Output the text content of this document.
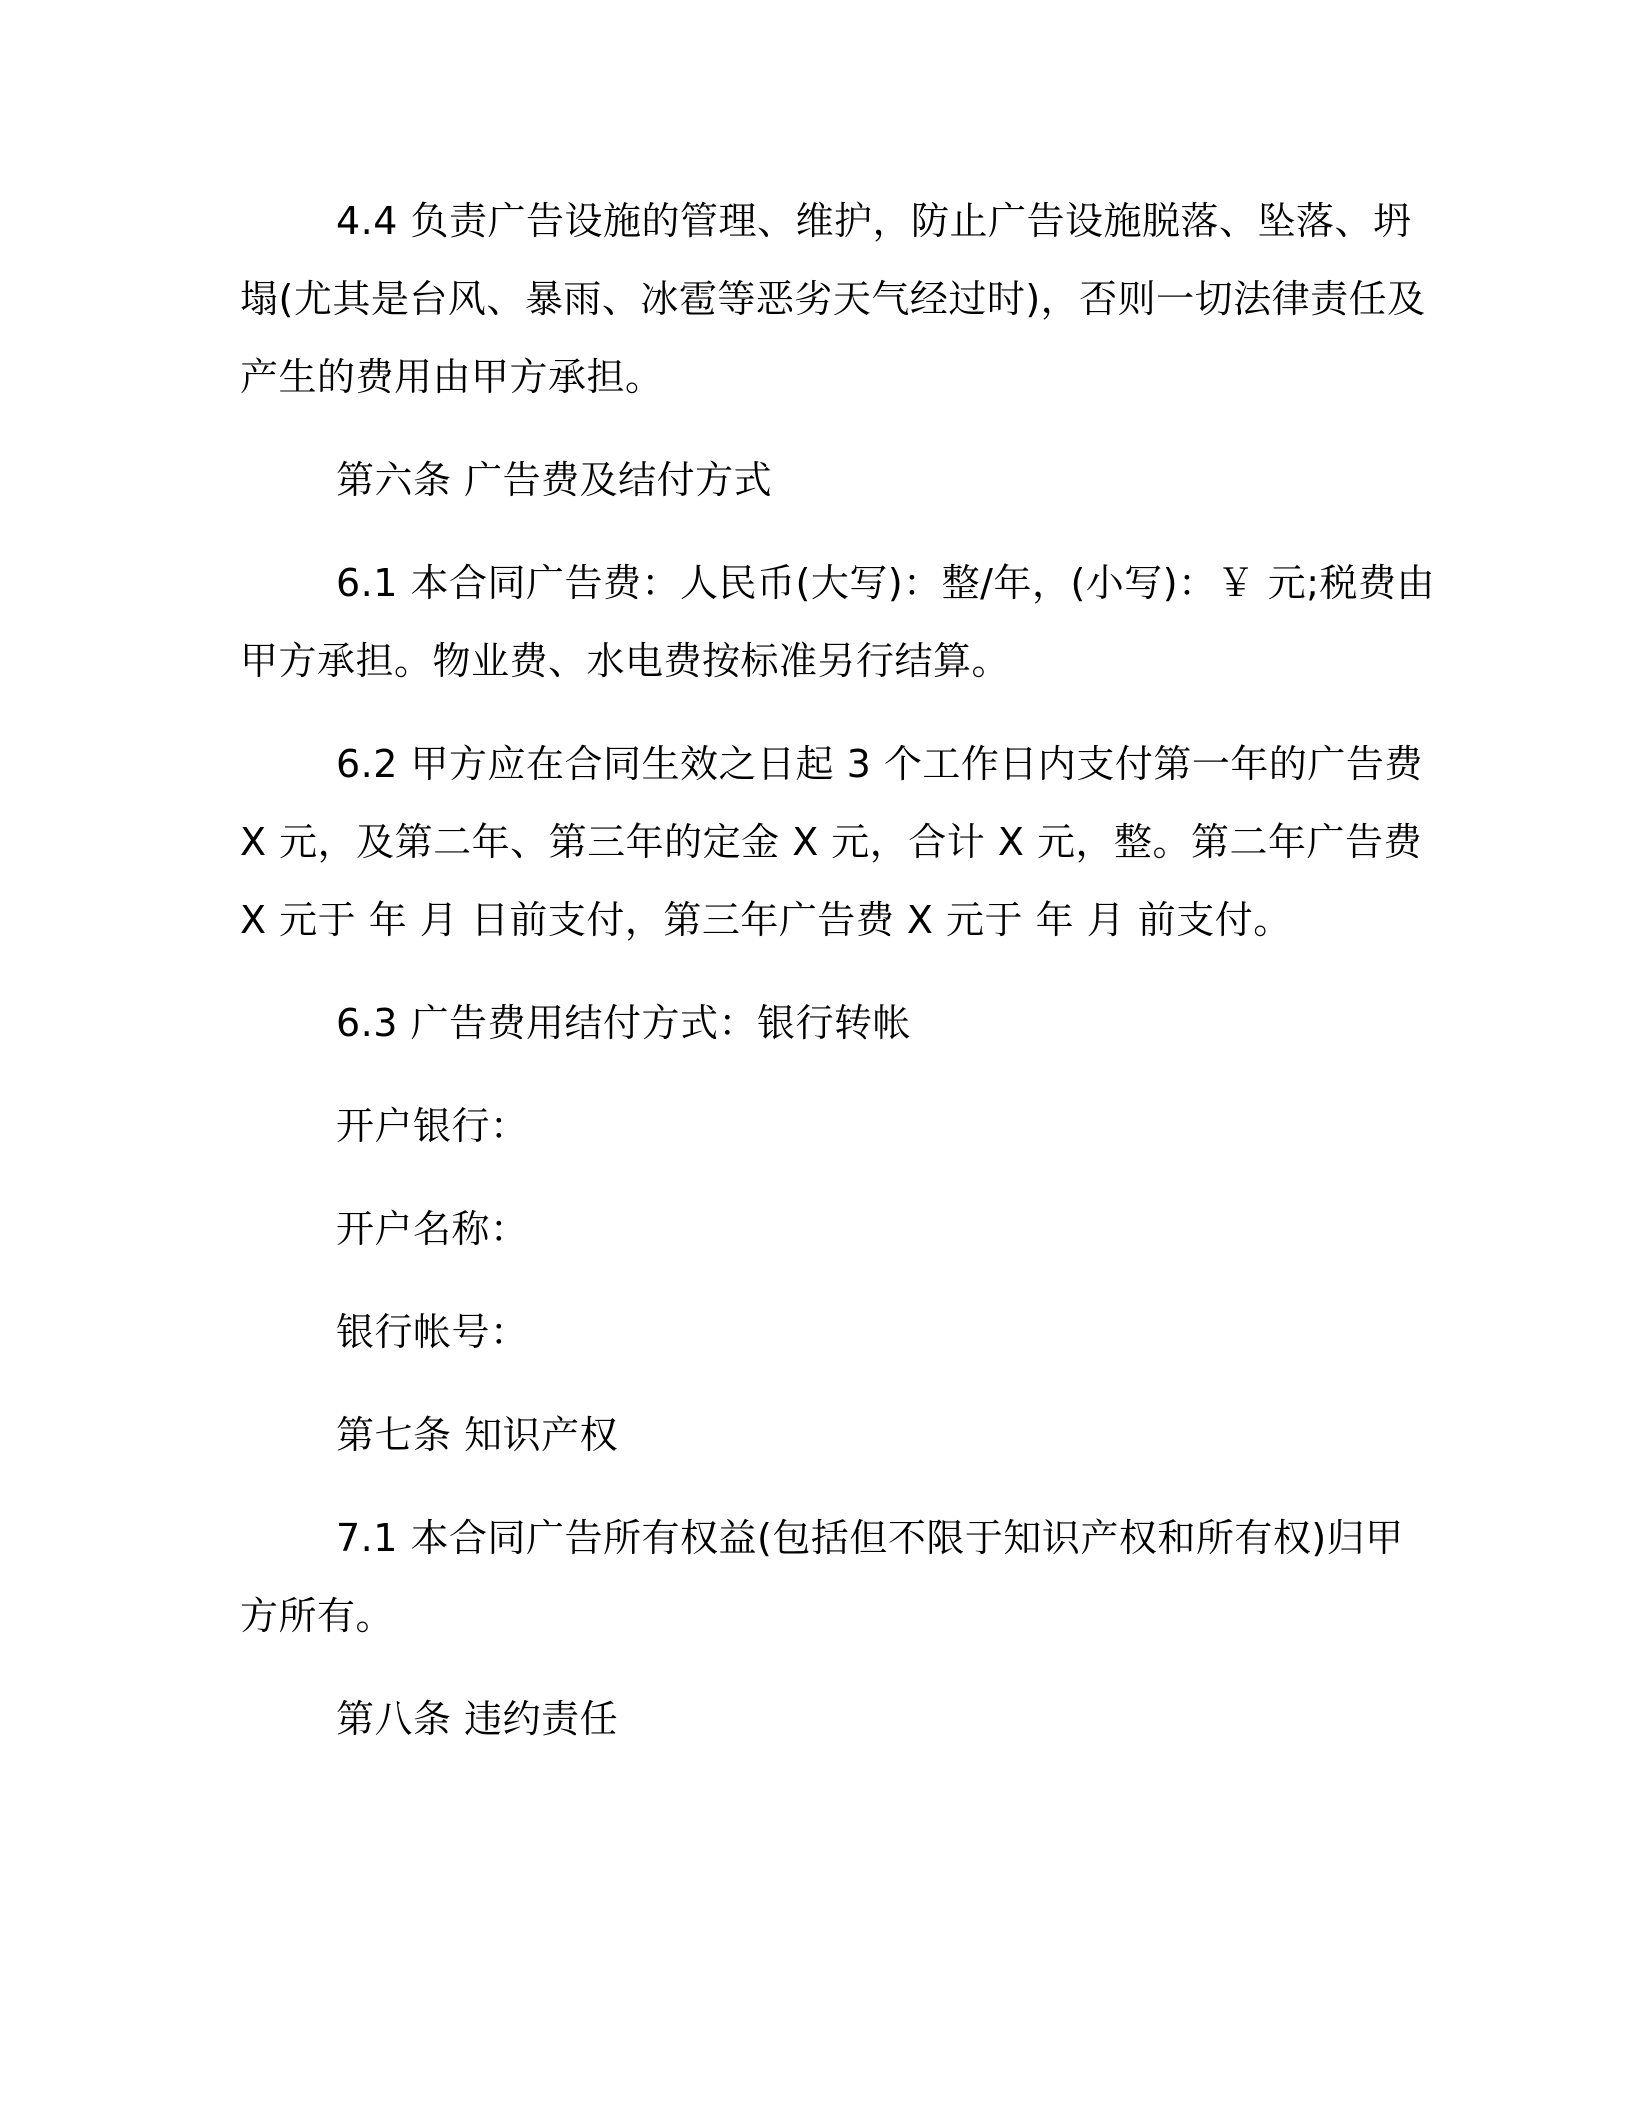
4.4 负责广告设施的管理、维护，防止广告设施脱落、坠落、坍
塌(尤其是台风、暴雨、冰雹等恶劣天气经过时)，否则一切法律责任及
产生的费用由甲方承担。
第六条 广告费及结付方式
6.1 本合同广告费：人民币(大写)：整/年，(小写)：￥ 元;税费由
甲方承担。物业费、水电费按标准另行结算。
6.2 甲方应在合同生效之日起 3 个工作日内支付第一年的广告费
X 元，及第二年、第三年的定金 X 元，合计 X 元，整。第二年广告费
X 元于 年 月 日前支付，第三年广告费 X 元于 年 月 前支付。
6.3 广告费用结付方式：银行转帐
开户银行：
开户名称：
银行帐号：
第七条 知识产权
7.1 本合同广告所有权益(包括但不限于知识产权和所有权)归甲
方所有。
第八条 违约责任
